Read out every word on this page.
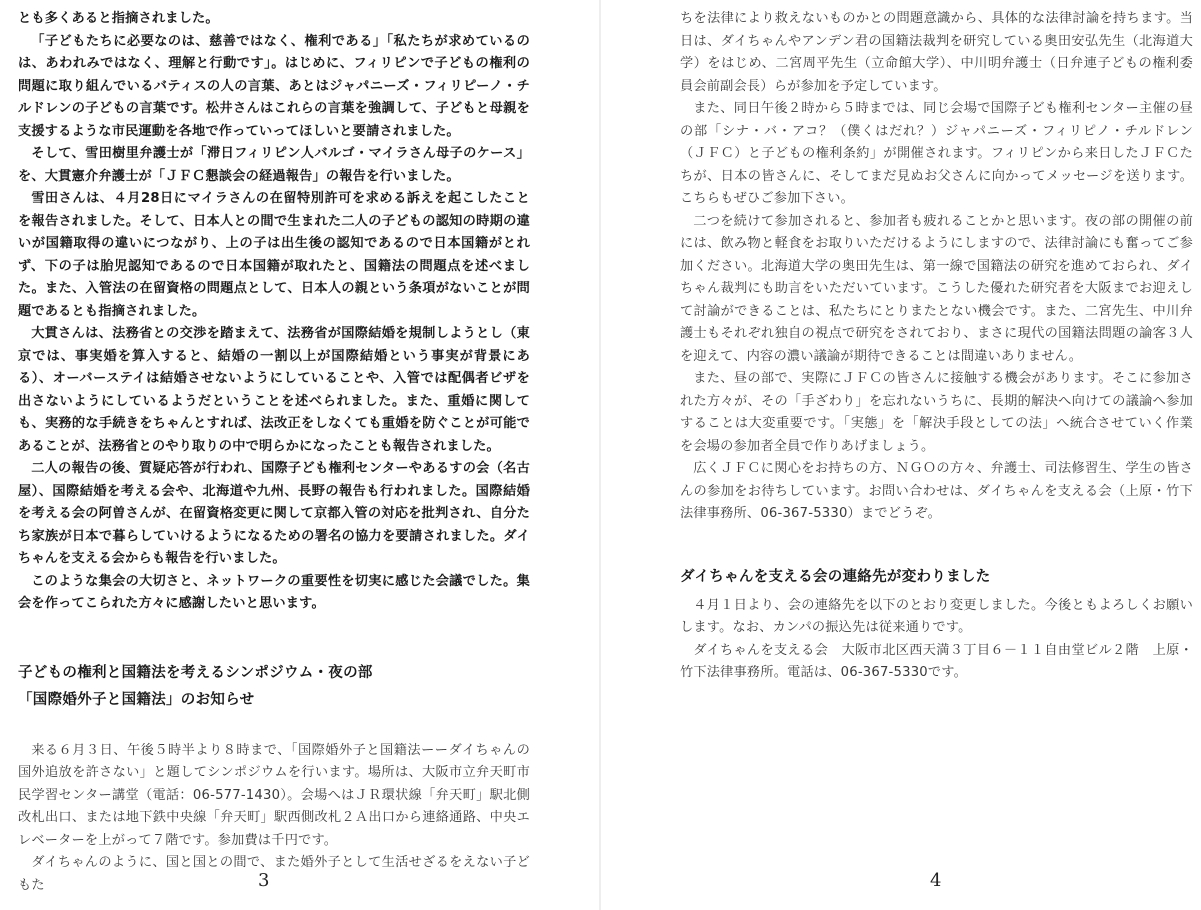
とも多くあると指摘されました。

「子どもたちに必要なのは、慈善ではなく、権利である」「私たちが求めているのは、あわれみではなく、理解と行動です」。はじめに、フィリピンで子どもの権利の問題に取り組んでいるバティスの人の言葉、あとはジャパニーズ・フィリピーノ・チルドレンの子どもの言葉です。松井さんはこれらの言葉を強調して、子どもと母親を支援するような市民運動を各地で作っていってほしいと要請されました。

そして、雪田樹里弁護士が「滞日フィリピン人バルゴ・マイラさん母子のケース」を、大貫憲介弁護士が「ＪＦＣ懇談会の経過報告」の報告を行いました。

雪田さんは、４月28日にマイラさんの在留特別許可を求める訴えを起こしたことを報告されました。そして、日本人との間で生まれた二人の子どもの認知の時期の違いが国籍取得の違いにつながり、上の子は出生後の認知であるので日本国籍がとれず、下の子は胎児認知であるので日本国籍が取れたと、国籍法の問題点を述べました。また、入管法の在留資格の問題点として、日本人の親という条項がないことが問題であるとも指摘されました。

大貫さんは、法務省との交渉を踏まえて、法務省が国際結婚を規制しようとし（東京では、事実婚を算入すると、結婚の一割以上が国際結婚という事実が背景にある）、オーバーステイは結婚させないようにしていることや、入管では配偶者ビザを出さないようにしているようだということを述べられました。また、重婚に関しても、実務的な手続きをちゃんとすれば、法改正をしなくても重婚を防ぐことが可能であることが、法務省とのやり取りの中で明らかになったことも報告されました。

二人の報告の後、質疑応答が行われ、国際子ども権利センターやあるすの会（名古屋）、国際結婚を考える会や、北海道や九州、長野の報告も行われました。国際結婚を考える会の阿曽さんが、在留資格変更に関して京都入管の対応を批判され、自分たち家族が日本で暮らしていけるようになるための署名の協力を要請されました。ダイちゃんを支える会からも報告を行いました。

このような集会の大切さと、ネットワークの重要性を切実に感じた会議でした。集会を作ってこられた方々に感謝したいと思います。

子どもの権利と国籍法を考えるシンポジウム・夜の部
「国際婚外子と国籍法」のお知らせ

来る６月３日、午後５時半より８時まで、「国際婚外子と国籍法ーーダイちゃんの国外追放を許さない」と題してシンポジウムを行います。場所は、大阪市立弁天町市民学習センター講堂（電話：06-577-1430）。会場へはＪＲ環状線「弁天町」駅北側改札出口、または地下鉄中央線「弁天町」駅西側改札２Ａ出口から連絡通路、中央エレベーターを上がって７階です。参加費は千円です。

ダイちゃんのように、国と国との間で、また婚外子として生活せざるをえない子どもた	3

ちを法律により救えないものかとの問題意識から、具体的な法律討論を持ちます。当日は、ダイちゃんやアンデン君の国籍法裁判を研究している奥田安弘先生（北海道大学）をはじめ、二宮周平先生（立命館大学）、中川明弁護士（日弁連子どもの権利委員会前副会長）らが参加を予定しています。

また、同日午後２時から５時までは、同じ会場で国際子ども権利センター主催の昼の部「シナ・バ・アコ？（僕くはだれ？）ジャパニーズ・フィリピノ・チルドレン（ＪＦＣ）と子どもの権利条約」が開催されます。フィリピンから来日したＪＦＣたちが、日本の皆さんに、そしてまだ見ぬお父さんに向かってメッセージを送ります。こちらもぜひご参加下さい。

二つを続けて参加されると、参加者も疲れることかと思います。夜の部の開催の前には、飲み物と軽食をお取りいただけるようにしますので、法律討論にも奮ってご参加ください。北海道大学の奥田先生は、第一線で国籍法の研究を進めておられ、ダイちゃん裁判にも助言をいただいています。こうした優れた研究者を大阪までお迎えして討論ができることは、私たちにとりまたとない機会です。また、二宮先生、中川弁護士もそれぞれ独自の視点で研究をされており、まさに現代の国籍法問題の論客３人を迎えて、内容の濃い議論が期待できることは間違いありません。

また、昼の部で、実際にＪＦＣの皆さんに接触する機会があります。そこに参加された方々が、その「手ざわり」を忘れないうちに、長期的解決へ向けての議論へ参加することは大変重要です。「実態」を「解決手段としての法」へ統合させていく作業を会場の参加者全員で作りあげましょう。

広くＪＦＣに関心をお持ちの方、ＮＧＯの方々、弁護士、司法修習生、学生の皆さんの参加をお待ちしています。お問い合わせは、ダイちゃんを支える会（上原・竹下法律事務所、06-367-5330）までどうぞ。

ダイちゃんを支える会の連絡先が変わりました

４月１日より、会の連絡先を以下のとおり変更しました。今後ともよろしくお願いします。なお、カンパの振込先は従来通りです。

ダイちゃんを支える会　大阪市北区西天満３丁目６－１１自由堂ビル２階　上原・竹下法律事務所。電話は、06-367-5330です。

4
